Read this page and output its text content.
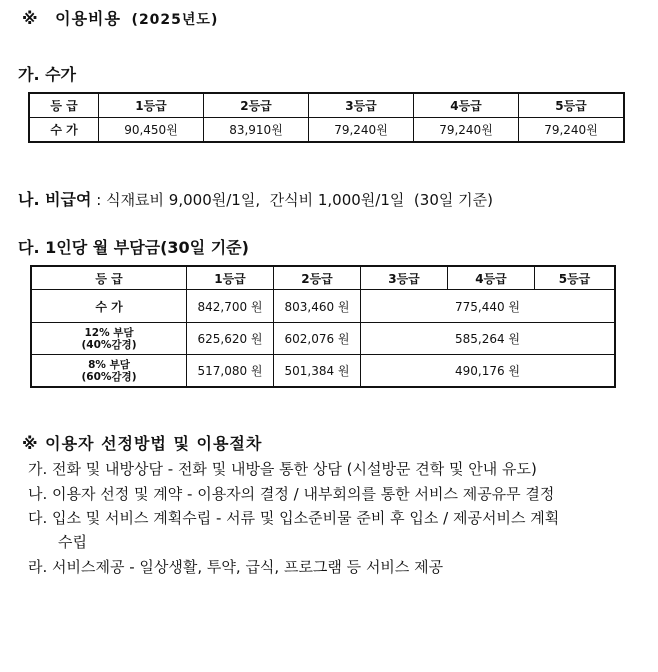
※ 이용비용 (2025년도)
가. 수가
등 급	1등급	2등급	3등급	4등급	5등급
수 가	90,450원	83,910원	79,240원	79,240원	79,240원
나. 비급여 : 식재료비 9,000원/1일,  간식비 1,000원/1일  (30일 기준)
다. 1인당 월 부담금(30일 기준)
등 급	1등급	2등급	3등급	4등급	5등급
수 가	842,700 원	803,460 원	775,440 원		

12% 부담
(40%감경)	625,620 원	602,076 원	585,264 원		

8% 부담
(60%감경)	517,080 원	501,384 원	490,176 원		
※ 이용자 선정방법 및 이용절차
가. 전화 및 내방상담 - 전화 및 내방을 통한 상담 (시설방문 견학 및 안내 유도)
나. 이용자 선정 및 계약 - 이용자의 결정 / 내부회의를 통한 서비스 제공유무 결정
다. 입소 및 서비스 계획수립 - 서류 및 입소준비물 준비 후 입소 / 제공서비스 계획
수립
라. 서비스제공 - 일상생활, 투약, 급식, 프로그램 등 서비스 제공
